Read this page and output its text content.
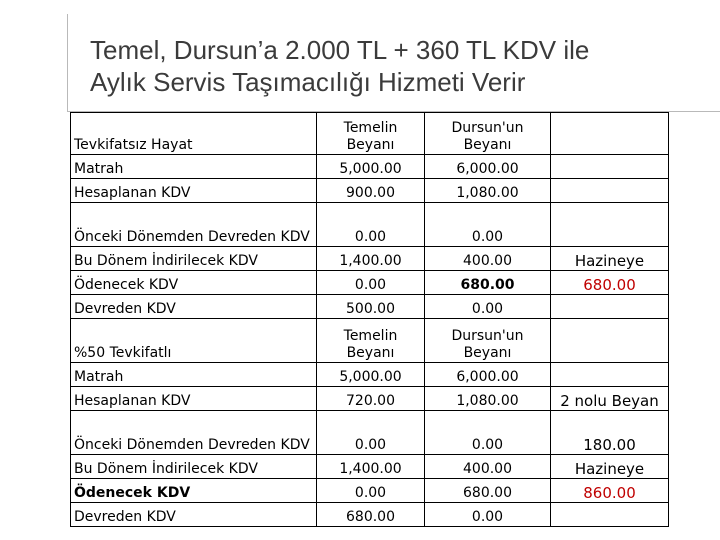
Temel, Dursun’a 2.000 TL + 360 TL KDV ile
Aylık Servis Taşımacılığı Hizmeti Verir
Tevkifatsız Hayat	Temelin Beyanı	Dursun'un Beyanı	
Matrah	5,000.00	6,000.00	
Hesaplanan KDV	900.00	1,080.00	
Önceki Dönemden Devreden KDV	0.00	0.00	
Bu Dönem İndirilecek KDV	1,400.00	400.00	Hazineye
Ödenecek KDV	0.00	680.00	680.00
Devreden KDV	500.00	0.00	
%50 Tevkifatlı	Temelin Beyanı	Dursun'un Beyanı	
Matrah	5,000.00	6,000.00	
Hesaplanan KDV	720.00	1,080.00	2 nolu Beyan
Önceki Dönemden Devreden KDV	0.00	0.00	180.00
Bu Dönem İndirilecek KDV	1,400.00	400.00	Hazineye
Ödenecek KDV	0.00	680.00	860.00
Devreden KDV	680.00	0.00	
